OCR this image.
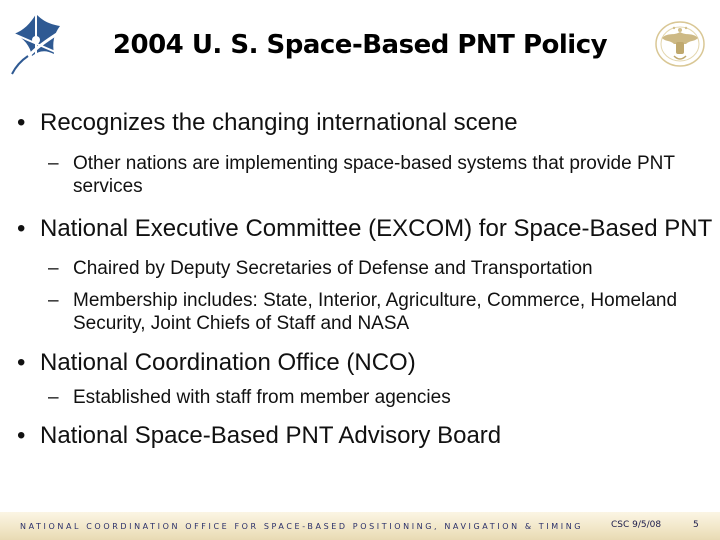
2004 U. S. Space-Based PNT Policy
• Recognizes the changing international scene
– Other nations are implementing space-based systems that provide PNT services
• National Executive Committee (EXCOM) for Space-Based PNT
– Chaired by Deputy Secretaries of Defense and Transportation
– Membership includes: State, Interior, Agriculture, Commerce, Homeland Security, Joint Chiefs of Staff and NASA
• National Coordination Office (NCO)
– Established with staff from member agencies
• National Space-Based PNT Advisory Board
NATIONAL COORDINATION OFFICE FOR SPACE-BASED POSITIONING, NAVIGATION & TIMING	CSC 9/5/08	5
